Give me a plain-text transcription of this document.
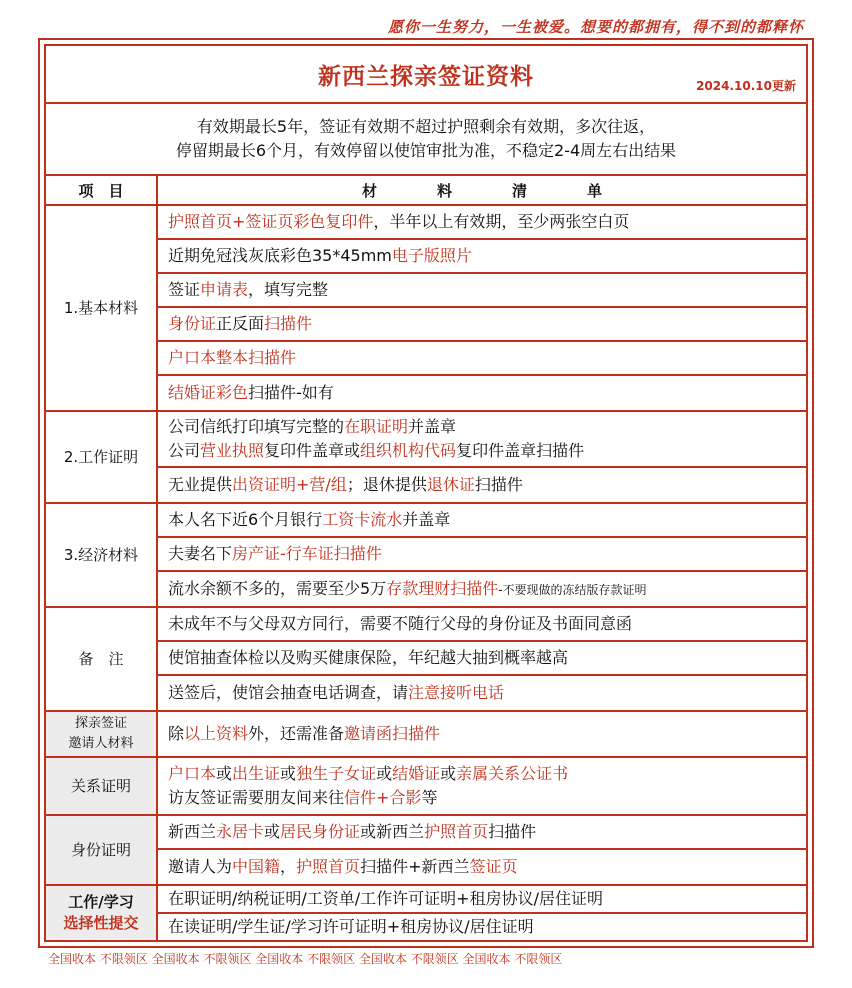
愿你一生努力，一生被爱。想要的都拥有，得不到的都释怀
新西兰探亲签证资料	2024.10.10更新
有效期最长5年，签证有效期不超过护照剩余有效期，多次往返，
停留期最长6个月，有效停留以使馆审批为准，不稳定2-4周左右出结果
项　目	材　　　　料　　　　清　　　　单
1.基本材料
护照首页+签证页彩色复印件，半年以上有效期，至少两张空白页
近期免冠浅灰底彩色35*45mm电子版照片
签证申请表，填写完整
身份证正反面扫描件
户口本整本扫描件
结婚证彩色扫描件-如有
2.工作证明
公司信纸打印填写完整的在职证明并盖章
公司营业执照复印件盖章或组织机构代码复印件盖章扫描件
无业提供出资证明+营/组；退休提供退休证扫描件
3.经济材料
本人名下近6个月银行工资卡流水并盖章
夫妻名下房产证-行车证扫描件
流水余额不多的，需要至少5万存款理财扫描件-不要现做的冻结版存款证明
备　注
未成年不与父母双方同行，需要不随行父母的身份证及书面同意函
使馆抽查体检以及购买健康保险，年纪越大抽到概率越高
送签后，使馆会抽查电话调查，请注意接听电话
探亲签证
邀请人材料
除以上资料外，还需准备邀请函扫描件
关系证明
户口本或出生证或独生子女证或结婚证或亲属关系公证书
访友签证需要朋友间来往信件+合影等
身份证明
新西兰永居卡或居民身份证或新西兰护照首页扫描件
邀请人为中国籍，护照首页扫描件+新西兰签证页
工作/学习
选择性提交
在职证明/纳税证明/工资单/工作许可证明+租房协议/居住证明
在读证明/学生证/学习许可证明+租房协议/居住证明
全国收本 不限领区 全国收本 不限领区 全国收本 不限领区 全国收本 不限领区 全国收本 不限领区
